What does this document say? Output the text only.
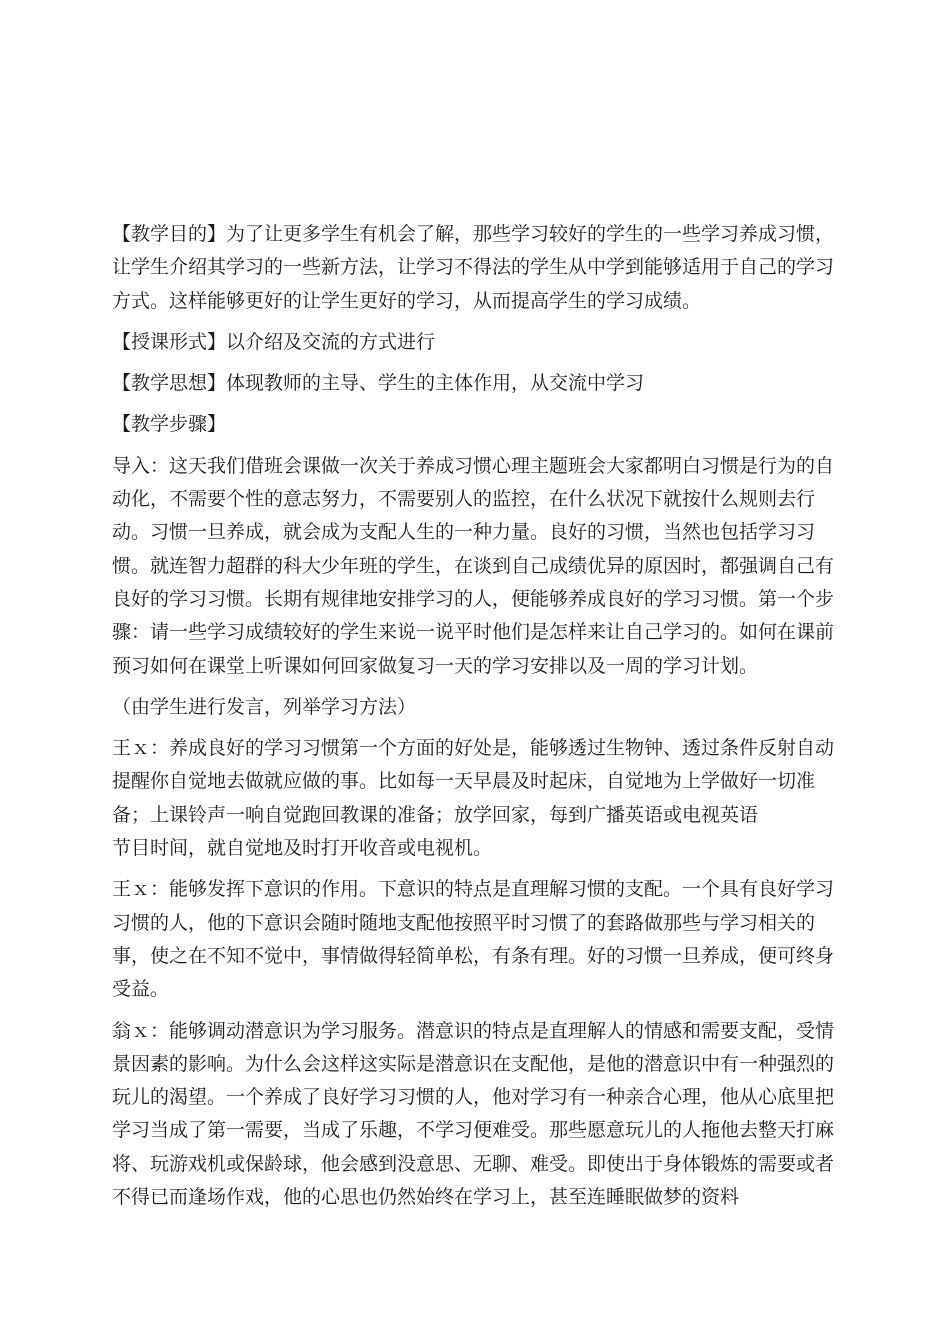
【教学目的】为了让更多学生有机会了解，那些学习较好的学生的一些学习养成习惯，让学生介绍其学习的一些新方法，让学习不得法的学生从中学到能够适用于自己的学习方式。这样能够更好的让学生更好的学习，从而提高学生的学习成绩。

【授课形式】以介绍及交流的方式进行

【教学思想】体现教师的主导、学生的主体作用，从交流中学习

【教学步骤】

导入：这天我们借班会课做一次关于养成习惯心理主题班会大家都明白习惯是行为的自动化，不需要个性的意志努力，不需要别人的监控，在什么状况下就按什么规则去行动。习惯一旦养成，就会成为支配人生的一种力量。良好的习惯，当然也包括学习习惯。就连智力超群的科大少年班的学生，在谈到自己成绩优异的原因时，都强调自己有良好的学习习惯。长期有规律地安排学习的人，便能够养成良好的学习习惯。第一个步骤：请一些学习成绩较好的学生来说一说平时他们是怎样来让自己学习的。如何在课前预习如何在课堂上听课如何回家做复习一天的学习安排以及一周的学习计划。

（由学生进行发言，列举学习方法）

王ｘ：养成良好的学习习惯第一个方面的好处是，能够透过生物钟、透过条件反射自动提醒你自觉地去做就应做的事。比如每一天早晨及时起床，自觉地为上学做好一切准备；上课铃声一响自觉跑回教课的准备；放学回家，每到广播英语或电视英语

节目时间，就自觉地及时打开收音或电视机。

王ｘ：能够发挥下意识的作用。下意识的特点是直理解习惯的支配。一个具有良好学习习惯的人，他的下意识会随时随地支配他按照平时习惯了的套路做那些与学习相关的事，使之在不知不觉中，事情做得轻简单松，有条有理。好的习惯一旦养成，便可终身受益。

翁ｘ：能够调动潜意识为学习服务。潜意识的特点是直理解人的情感和需要支配，受情景因素的影响。为什么会这样这实际是潜意识在支配他，是他的潜意识中有一种强烈的玩儿的渴望。一个养成了良好学习习惯的人，他对学习有一种亲合心理，他从心底里把学习当成了第一需要，当成了乐趣，不学习便难受。那些愿意玩儿的人拖他去整天打麻将、玩游戏机或保龄球，他会感到没意思、无聊、难受。即使出于身体锻炼的需要或者不得已而逢场作戏，他的心思也仍然始终在学习上，甚至连睡眠做梦的资料
